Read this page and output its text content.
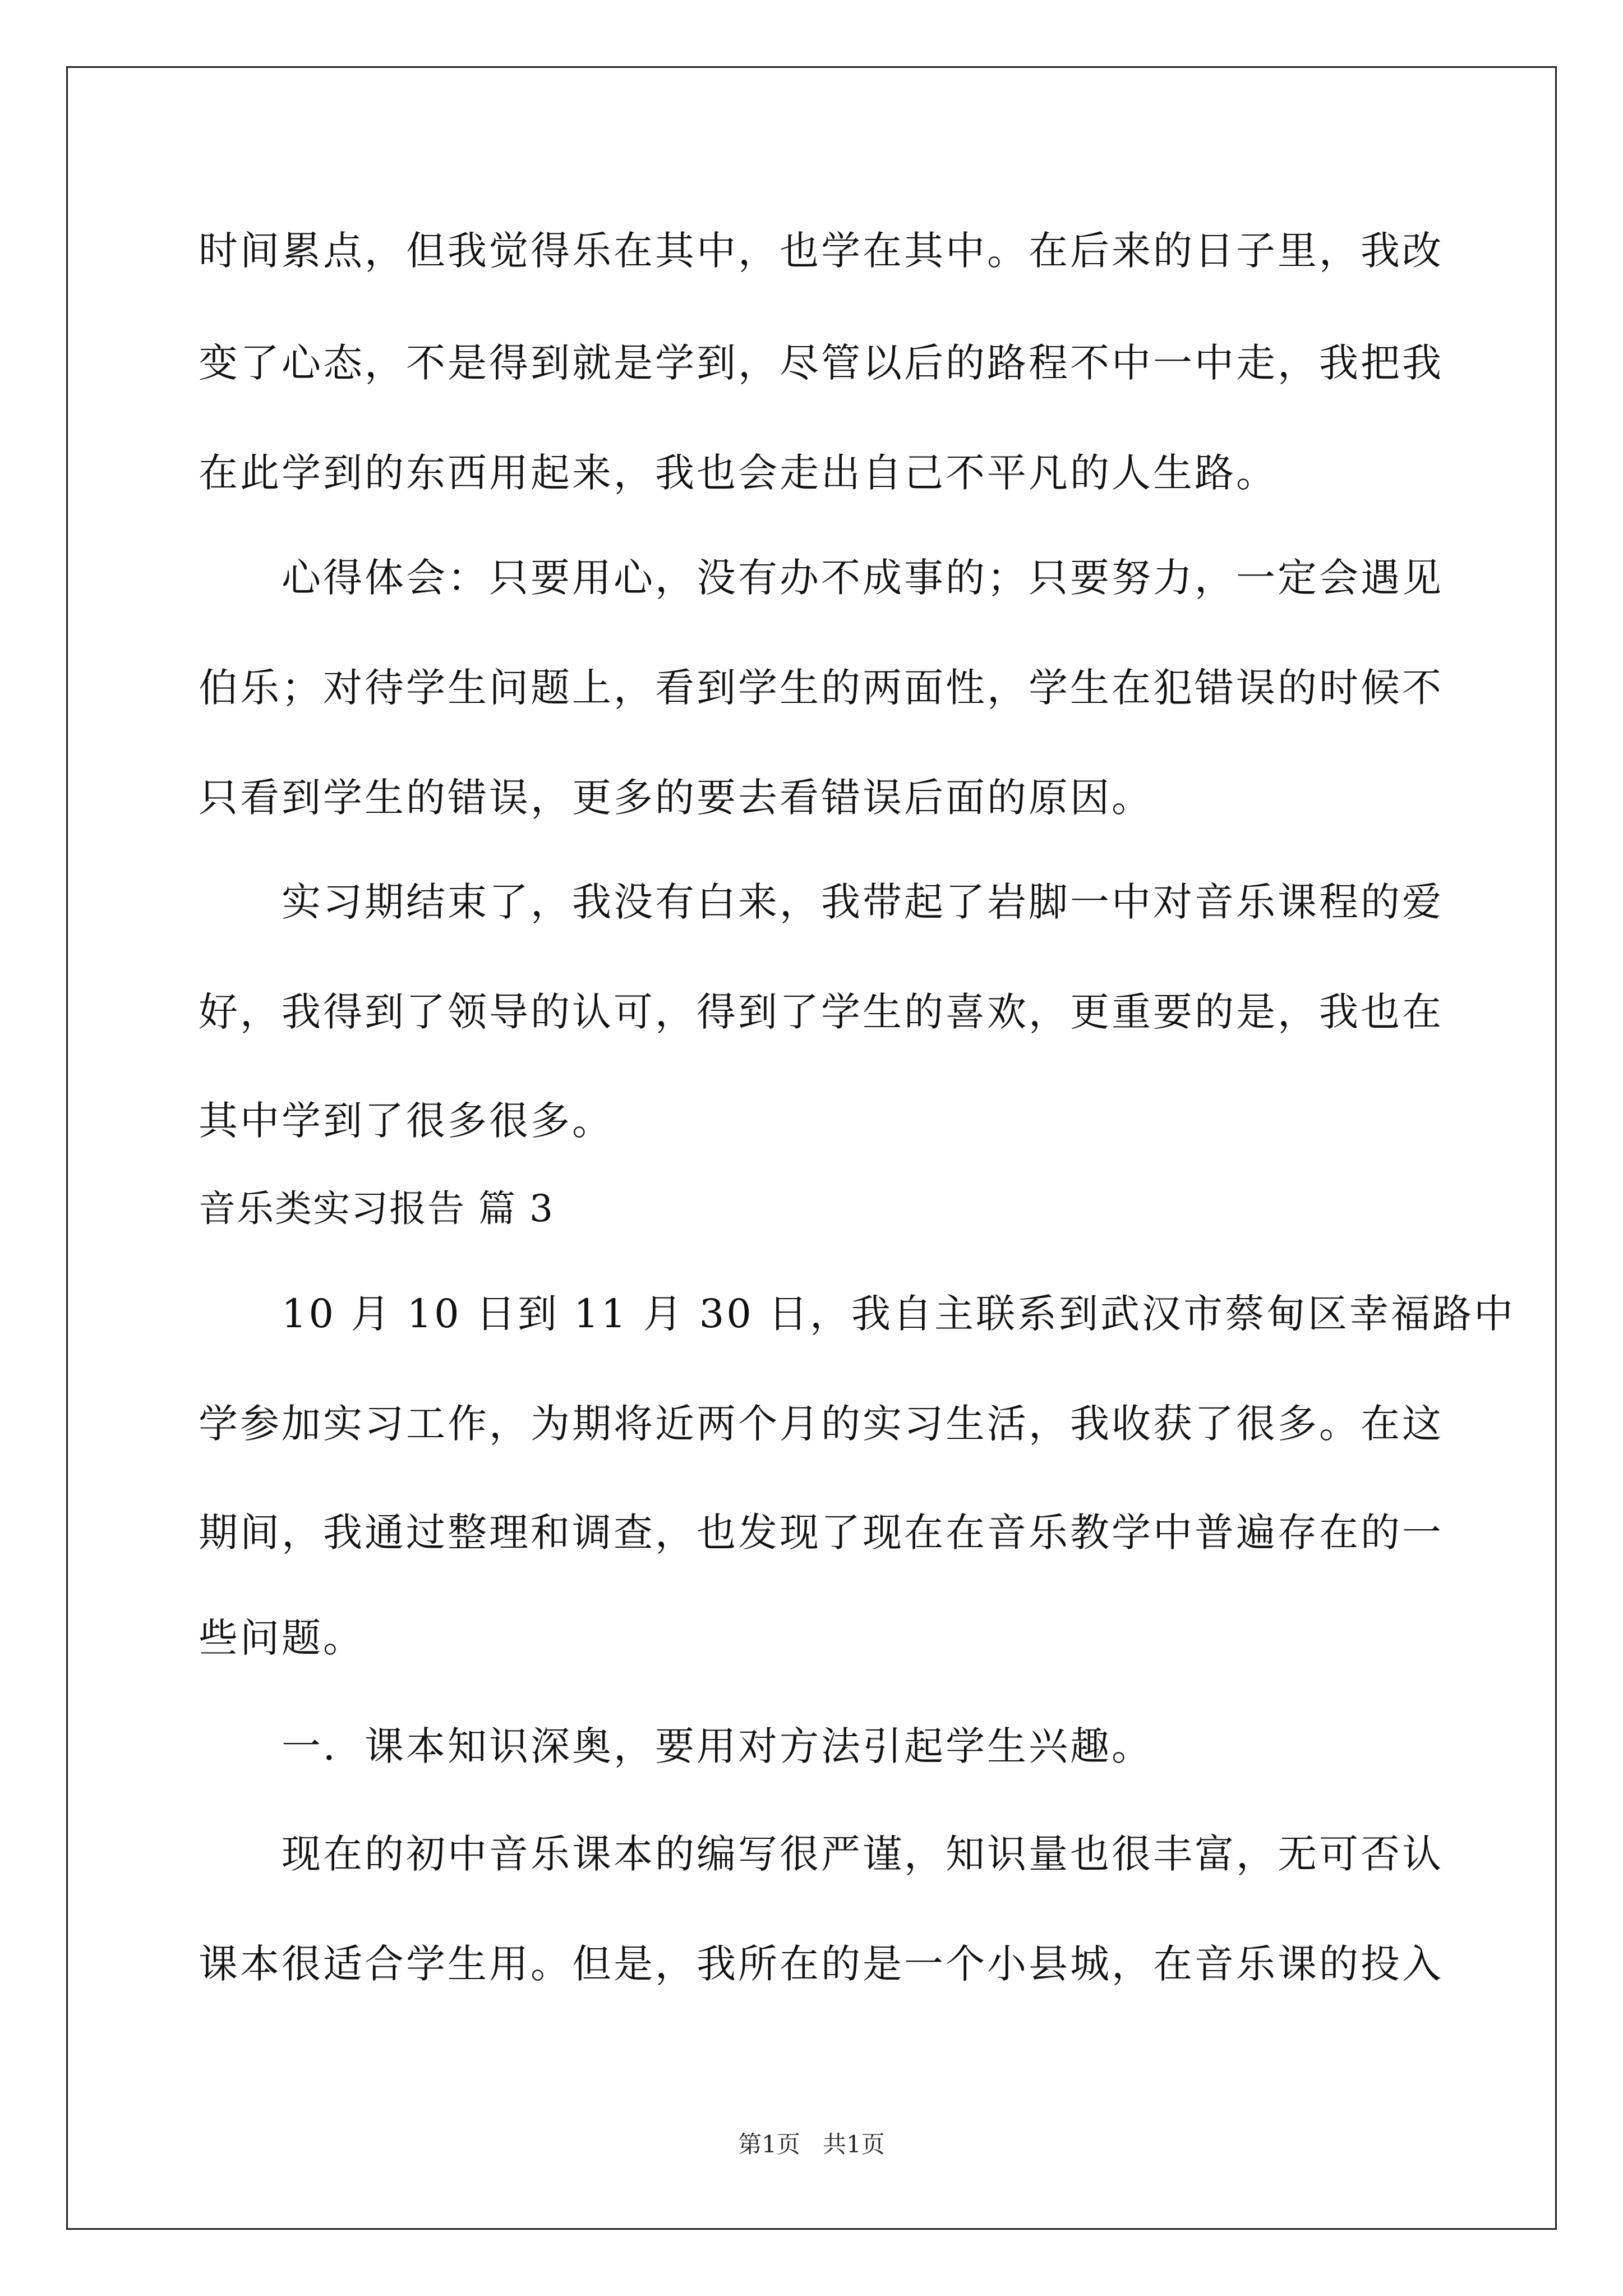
时间累点，但我觉得乐在其中，也学在其中。在后来的日子里，我改
变了心态，不是得到就是学到，尽管以后的路程不中一中走，我把我
在此学到的东西用起来，我也会走出自己不平凡的人生路。
心得体会：只要用心，没有办不成事的；只要努力，一定会遇见
伯乐；对待学生问题上，看到学生的两面性，学生在犯错误的时候不
只看到学生的错误，更多的要去看错误后面的原因。
实习期结束了，我没有白来，我带起了岩脚一中对音乐课程的爱
好，我得到了领导的认可，得到了学生的喜欢，更重要的是，我也在
其中学到了很多很多。
音乐类实习报告 篇 3
10 月 10 日到 11 月 30 日，我自主联系到武汉市蔡甸区幸福路中
学参加实习工作，为期将近两个月的实习生活，我收获了很多。在这
期间，我通过整理和调查，也发现了现在在音乐教学中普遍存在的一
些问题。
一．课本知识深奥，要用对方法引起学生兴趣。
现在的初中音乐课本的编写很严谨，知识量也很丰富，无可否认
课本很适合学生用。但是，我所在的是一个小县城，在音乐课的投入
第1页   共1页
